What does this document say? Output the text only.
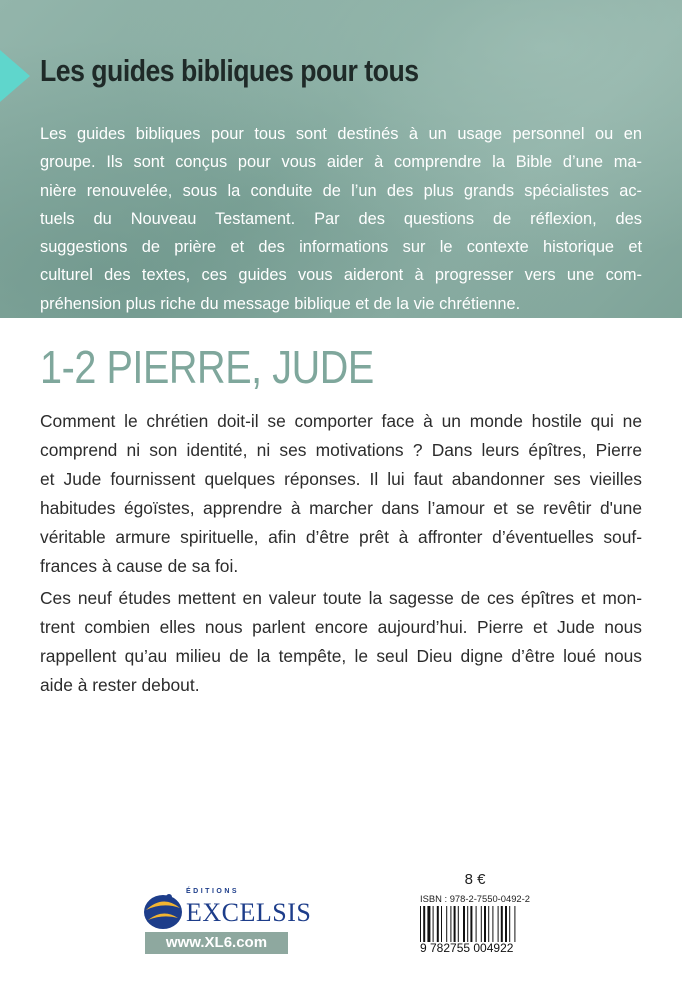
Les guides bibliques pour tous
Les guides bibliques pour tous sont destinés à un usage personnel ou en
groupe. Ils sont conçus pour vous aider à comprendre la Bible d’une ma-
nière renouvelée, sous la conduite de l’un des plus grands spécialistes ac-
tuels du Nouveau Testament. Par des questions de réflexion, des
suggestions de prière et des informations sur le contexte historique et
culturel des textes, ces guides vous aideront à progresser vers une com-
préhension plus riche du message biblique et de la vie chrétienne.
1-2 PIERRE, JUDE
Comment le chrétien doit-il se comporter face à un monde hostile qui ne
comprend ni son identité, ni ses motivations ? Dans leurs épîtres, Pierre
et Jude fournissent quelques réponses. Il lui faut abandonner ses vieilles
habitudes égoïstes, apprendre à marcher dans l’amour et se revêtir d'une
véritable armure spirituelle, afin d’être prêt à affronter d’éventuelles souf-
frances à cause de sa foi.
Ces neuf études mettent en valeur toute la sagesse de ces épîtres et mon-
trent combien elles nous parlent encore aujourd’hui. Pierre et Jude nous
rappellent qu’au milieu de la tempête, le seul Dieu digne d’être loué nous
aide à rester debout.
ÉDITIONS
EXCELSIS
www.XL6.com
8 €
ISBN : 978-2-7550-0492-2
9 782755 004922
